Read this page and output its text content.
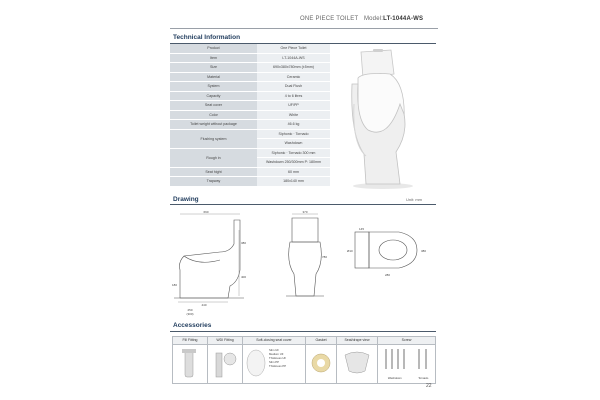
ONE PIECE TOILET Model:LT-1044A-WS
Technical Information
Product	One Piece Toilet
Item	LT-1044A-WS
Size	690x380x780mm (±5mm)
Material	Ceramic
System	Dual Flush
Capacity	4 to 6 litres
Seat cover	UF/PP
Color	White
Toilet weight without package	46.6 kg
Flushing system	Siphonic · Tornado
	Washdown
Rough in	Siphonic · Tornado 300 mm
	Washdown 250/300mm P: 180mm
Seat hight	60 mm
Trapway	180x140 mm
Drawing	Unit: mm
690
440
250
(300)
180
380
400
370
780
145
380
Ø10
280
Accessories
Fill Fitting	WDI Fitting	Soft-closing seat cover
Slim UF
Medium UF
Thickness UF
Slim PP
Thickness PP
Gasket	Seat/drape view	Screw
Washdown	Tornado
22
